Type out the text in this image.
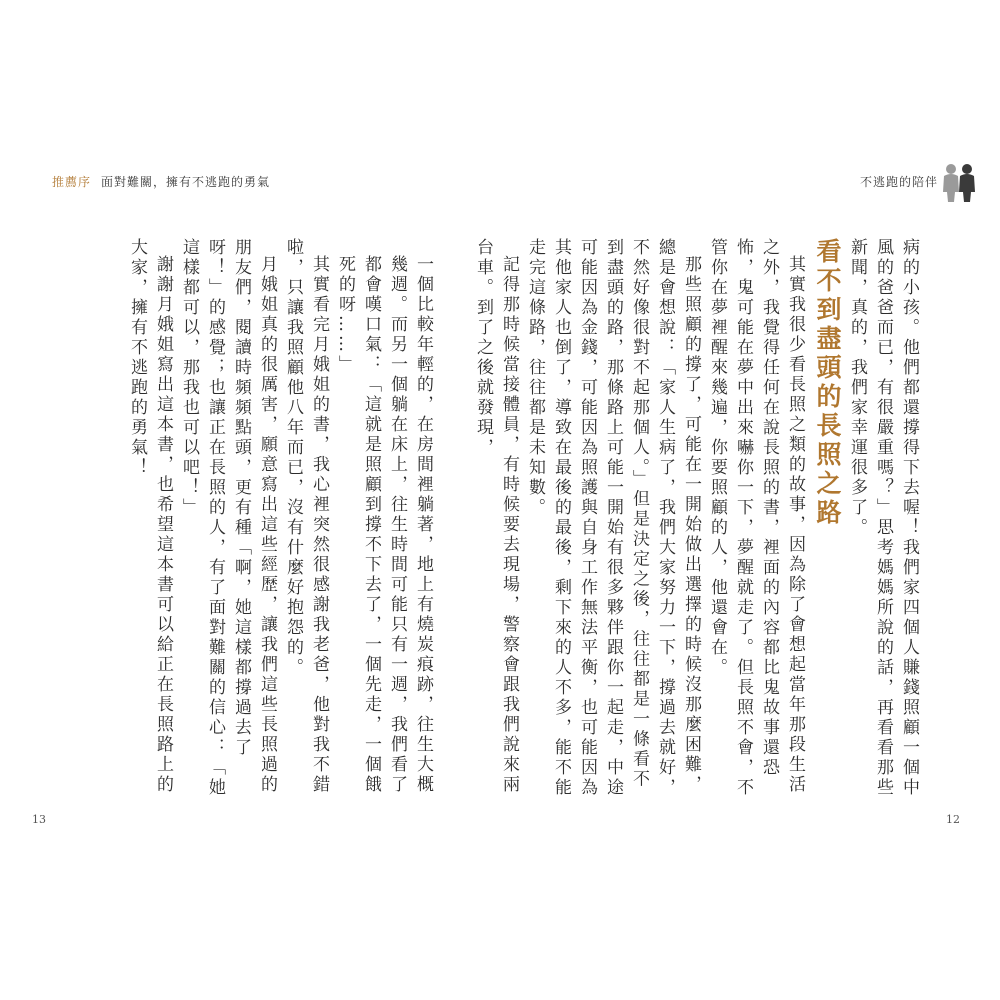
推薦序 面對難關，擁有不逃跑的勇氣

一個比較年輕的，在房間裡躺著，地上有燒炭痕跡，往生大概幾週。而另一個躺在床上，往生時間可能只有一週，我們看了都會嘆口氣：「這就是照顧到撐不下去了，一個先走，一個餓死的呀……」

其實看完月娥姐的書，我心裡突然很感謝我老爸，他對我不錯啦，只讓我照顧他八年而已，沒有什麼好抱怨的。

月娥姐真的很厲害，願意寫出這些經歷，讓我們這些長照過的朋友們，閱讀時頻頻點頭，更有種「啊，她這樣都撐過去了呀！」的感覺；也讓正在長照的人，有了面對難關的信心：「她這樣都可以，那我也可以吧！」

謝謝月娥姐寫出這本書，也希望這本書可以給正在長照路上的大家，擁有不逃跑的勇氣！

13
不逃跑的陪伴

病的小孩。他們都還撐得下去喔！我們家四個人賺錢照顧一個中風的爸爸而已，有很嚴重嗎？」思考媽媽所說的話，再看看那些新聞，真的，我們家幸運很多了。

看不到盡頭的長照之路

其實我很少看長照之類的故事，因為除了會想起當年那段生活之外，我覺得任何在說長照的書，裡面的內容都比鬼故事還恐怖，鬼可能在夢中出來嚇你一下，夢醒就走了。但長照不會，不管你在夢裡醒來幾遍，你要照顧的人，他還會在。

那些照顧的撐了，可能在一開始做出選擇的時候沒那麼困難，總是會想說：「家人生病了，我們大家努力一下，撐過去就好，不然好像很對不起那個人。」但是決定之後，往往都是一條看不到盡頭的路，那條路上可能一開始有很多夥伴跟你一起走，中途可能因為金錢，可能因為照護與自身工作無法平衡，也可能因為其他家人也倒了，導致在最後的最後，剩下來的人不多，能不能走完這條路，往往都是未知數。

記得那時候當接體員，有時候要去現場，警察會跟我們說來兩台車。到了之後就發現，

12
